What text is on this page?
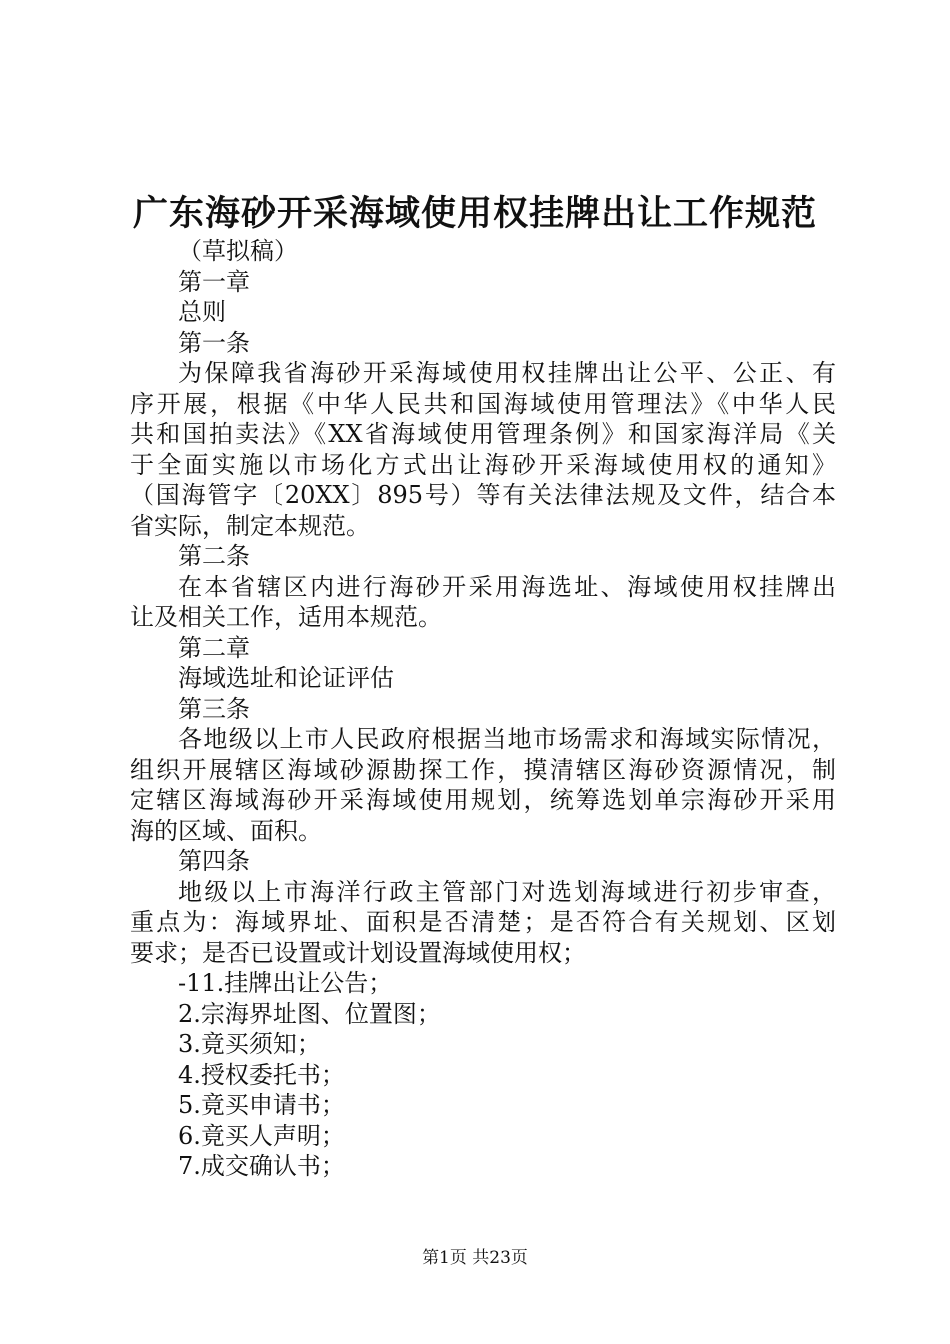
广东海砂开采海域使用权挂牌出让工作规范
（草拟稿）
第一章
总则
第一条
为保障我省海砂开采海域使用权挂牌出让公平、公正、有
序开展，根据《中华人民共和国海域使用管理法》《中华人民
共和国拍卖法》《XX省海域使用管理条例》和国家海洋局《关
于全面实施以市场化方式出让海砂开采海域使用权的通知》
（国海管字〔20XX〕895号）等有关法律法规及文件，结合本
省实际，制定本规范。
第二条
在本省辖区内进行海砂开采用海选址、海域使用权挂牌出
让及相关工作，适用本规范。
第二章
海域选址和论证评估
第三条
各地级以上市人民政府根据当地市场需求和海域实际情况，
组织开展辖区海域砂源勘探工作，摸清辖区海砂资源情况，制
定辖区海域海砂开采海域使用规划，统筹选划单宗海砂开采用
海的区域、面积。
第四条
地级以上市海洋行政主管部门对选划海域进行初步审查，
重点为：海域界址、面积是否清楚；是否符合有关规划、区划
要求；是否已设置或计划设置海域使用权；
-11.挂牌出让公告；
2.宗海界址图、位置图；
3.竟买须知；
4.授权委托书；
5.竟买申请书；
6.竟买人声明；
7.成交确认书；
第1页 共23页
